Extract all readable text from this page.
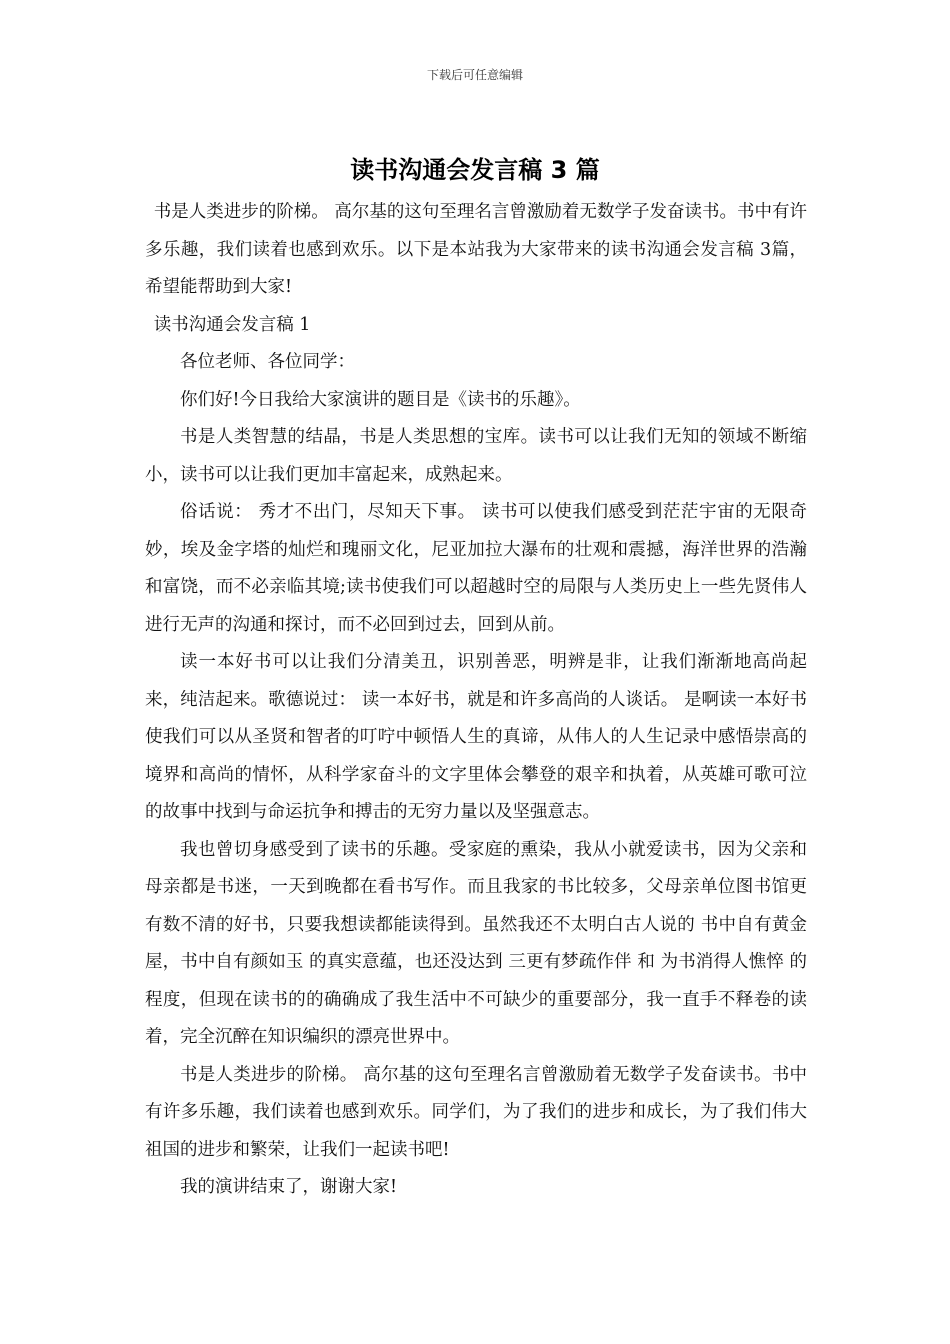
下载后可任意编辑
读书沟通会发言稿 3 篇

书是人类进步的阶梯。 高尔基的这句至理名言曾激励着无数学子发奋读书。书中有许多乐趣，我们读着也感到欢乐。以下是本站我为大家带来的读书沟通会发言稿 3篇，希望能帮助到大家!

读书沟通会发言稿 1

各位老师、各位同学：

你们好!今日我给大家演讲的题目是《读书的乐趣》。

书是人类智慧的结晶，书是人类思想的宝库。读书可以让我们无知的领域不断缩小，读书可以让我们更加丰富起来，成熟起来。

俗话说： 秀才不出门，尽知天下事。 读书可以使我们感受到茫茫宇宙的无限奇妙，埃及金字塔的灿烂和瑰丽文化，尼亚加拉大瀑布的壮观和震撼，海洋世界的浩瀚和富饶，而不必亲临其境;读书使我们可以超越时空的局限与人类历史上一些先贤伟人进行无声的沟通和探讨，而不必回到过去，回到从前。

读一本好书可以让我们分清美丑，识别善恶，明辨是非，让我们渐渐地高尚起来，纯洁起来。歌德说过： 读一本好书，就是和许多高尚的人谈话。 是啊读一本好书使我们可以从圣贤和智者的叮咛中顿悟人生的真谛，从伟人的人生记录中感悟崇高的境界和高尚的情怀，从科学家奋斗的文字里体会攀登的艰辛和执着，从英雄可歌可泣的故事中找到与命运抗争和搏击的无穷力量以及坚强意志。

我也曾切身感受到了读书的乐趣。受家庭的熏染，我从小就爱读书，因为父亲和母亲都是书迷，一天到晚都在看书写作。而且我家的书比较多，父母亲单位图书馆更有数不清的好书，只要我想读都能读得到。虽然我还不太明白古人说的 书中自有黄金屋，书中自有颜如玉 的真实意蕴，也还没达到 三更有梦疏作伴 和 为书消得人憔悴 的程度，但现在读书的的确确成了我生活中不可缺少的重要部分，我一直手不释卷的读着，完全沉醉在知识编织的漂亮世界中。

书是人类进步的阶梯。 高尔基的这句至理名言曾激励着无数学子发奋读书。书中有许多乐趣，我们读着也感到欢乐。同学们，为了我们的进步和成长，为了我们伟大祖国的进步和繁荣，让我们一起读书吧!

我的演讲结束了，谢谢大家!
